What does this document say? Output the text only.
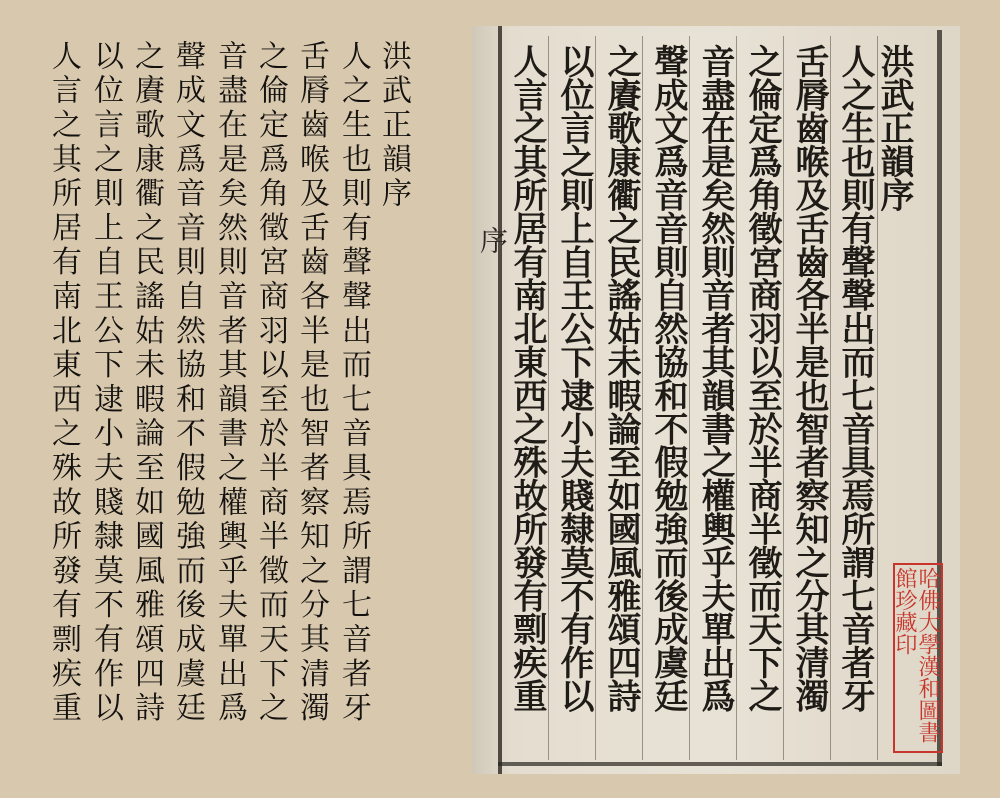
洪武正韻序
人之生也則有聲聲出而七音具焉所謂七音者牙
舌脣齒喉及舌齒各半是也智者察知之分其清濁
之倫定爲角徵宮商羽以至於半商半徵而天下之
音盡在是矣然則音者其韻書之權輿乎夫單出爲
聲成文爲音音則自然協和不假勉強而後成虞廷
之賡歌康衢之民謠姑未暇論至如國風雅頌四詩
以位言之則上自王公下逮小夫賤隸莫不有作以
人言之其所居有南北東西之殊故所發有剽疾重	序
洪武正韻序
人之生也則有聲聲出而七音具焉所謂七音者牙
舌脣齒喉及舌齒各半是也智者察知之分其清濁
之倫定爲角徵宮商羽以至於半商半徵而天下之
音盡在是矣然則音者其韻書之權輿乎夫單出爲
聲成文爲音音則自然協和不假勉強而後成虞廷
之賡歌康衢之民謠姑未暇論至如國風雅頌四詩
以位言之則上自王公下逮小夫賤隸莫不有作以
人言之其所居有南北東西之殊故所發有剽疾重	哈佛大學漢和圖書館珍藏印
